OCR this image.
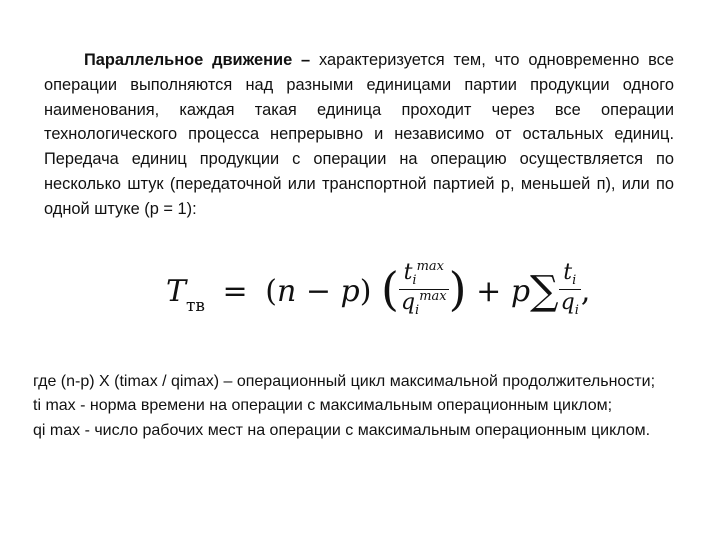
Параллельное движение – характеризуется тем, что одновременно все операции выполняются над разными единицами партии продукции одного наименования, каждая такая единица проходит через все операции технологического процесса непрерывно и независимо от остальных единиц. Передача единиц продукции с операции на операцию осуществляется по несколько штук (передаточной или транспортной партией р, меньшей п), или по одной штуке (р = 1):

$T_{тв} = (n - p)$ ( $\frac{t_i^{max}}{q_i^{max}}$ ) + $p\sum \frac{t_i}{q_i}$ ,

где (n-p) X (timax / qimax) – операционный цикл максимальной продолжительности;

ti max - норма времени на операции с максимальным операционным циклом;

qi max - число рабочих мест на операции с максимальным операционным циклом.
